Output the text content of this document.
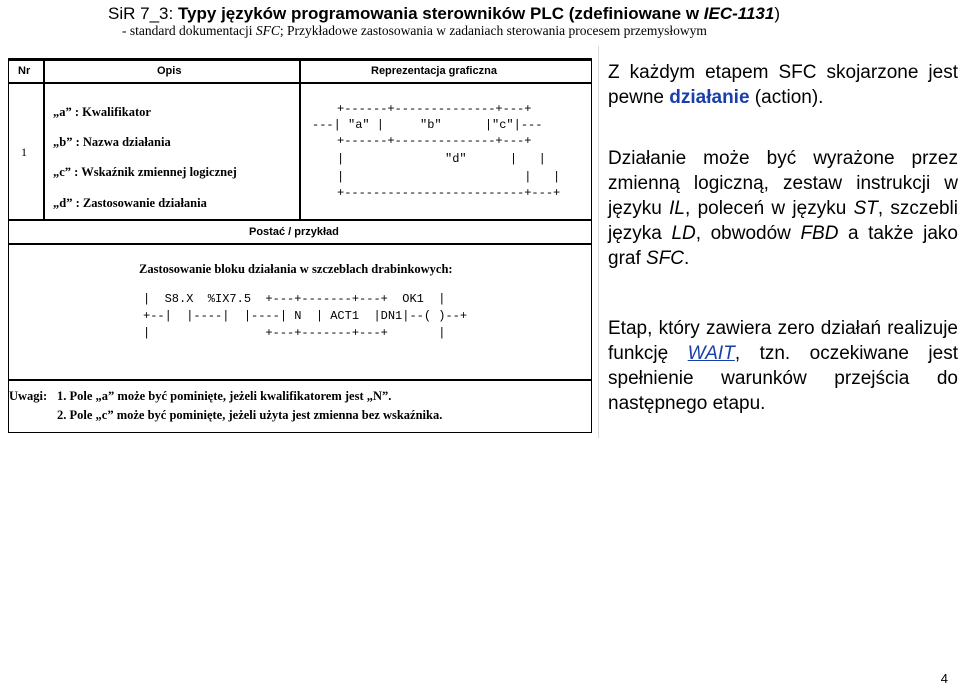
SiR 7_3: Typy języków programowania sterowników PLC (zdefiniowane w IEC-1131)
- standard dokumentacji SFC; Przykładowe zastosowania w zadaniach sterowania procesem przemysłowym
Nr	Opis	Reprezentacja graficzna
1
„a” : Kwalifikator
„b” : Nazwa działania
„c” : Wskaźnik zmiennej logicznej
„d” : Zastosowanie działania
+------+--------------+---+
---| "a" |     "b"      |"c"|---
+------+--------------+---+
|              "d"      |   |
|                         |   |
+-------------------------+---+
Postać / przykład
Zastosowanie bloku działania w szczeblach drabinkowych:
|  S8.X  %IX7.5  +---+-------+---+  OK1  |
+--|  |----|  |----| N  | ACT1  |DN1|--( )--+
|                +---+-------+---+       |
Uwagi: 1. Pole „a” może być pominięte, jeżeli kwalifikatorem jest „N”.
2. Pole „c” może być pominięte, jeżeli użyta jest zmienna bez wskaźnika.

Z każdym etapem SFC skojarzone jest pewne działanie (action).

Działanie może być wyrażone przez zmienną logiczną, zestaw instrukcji w języku IL, poleceń w języku ST, szczebli języka LD, obwodów FBD a także jako graf SFC.

Etap, który zawiera zero działań realizuje funkcję WAIT, tzn. oczekiwane jest spełnienie warunków przejścia do następnego etapu.

4
